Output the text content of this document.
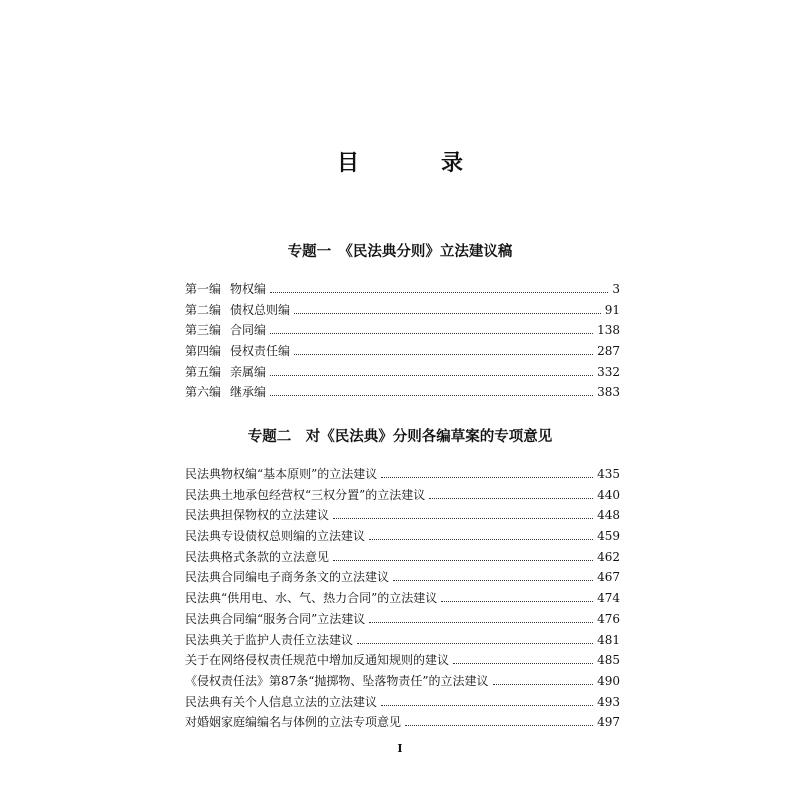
目　录
专题一　《民法典分则》立法建议稿
第一编 物权编	3
第二编 债权总则编	91
第三编 合同编	138
第四编 侵权责任编	287
第五编 亲属编	332
第六编 继承编	383
专题二　对《民法典》分则各编草案的专项意见
民法典物权编“基本原则”的立法建议	435
民法典土地承包经营权“三权分置”的立法建议	440
民法典担保物权的立法建议	448
民法典专设债权总则编的立法建议	459
民法典格式条款的立法意见	462
民法典合同编电子商务条文的立法建议	467
民法典“供用电、水、气、热力合同”的立法建议	474
民法典合同编“服务合同”立法建议	476
民法典关于监护人责任立法建议	481
关于在网络侵权责任规范中增加反通知规则的建议	485
《侵权责任法》第87条“抛掷物、坠落物责任”的立法建议	490
民法典有关个人信息立法的立法建议	493
对婚姻家庭编编名与体例的立法专项意见	497
I
